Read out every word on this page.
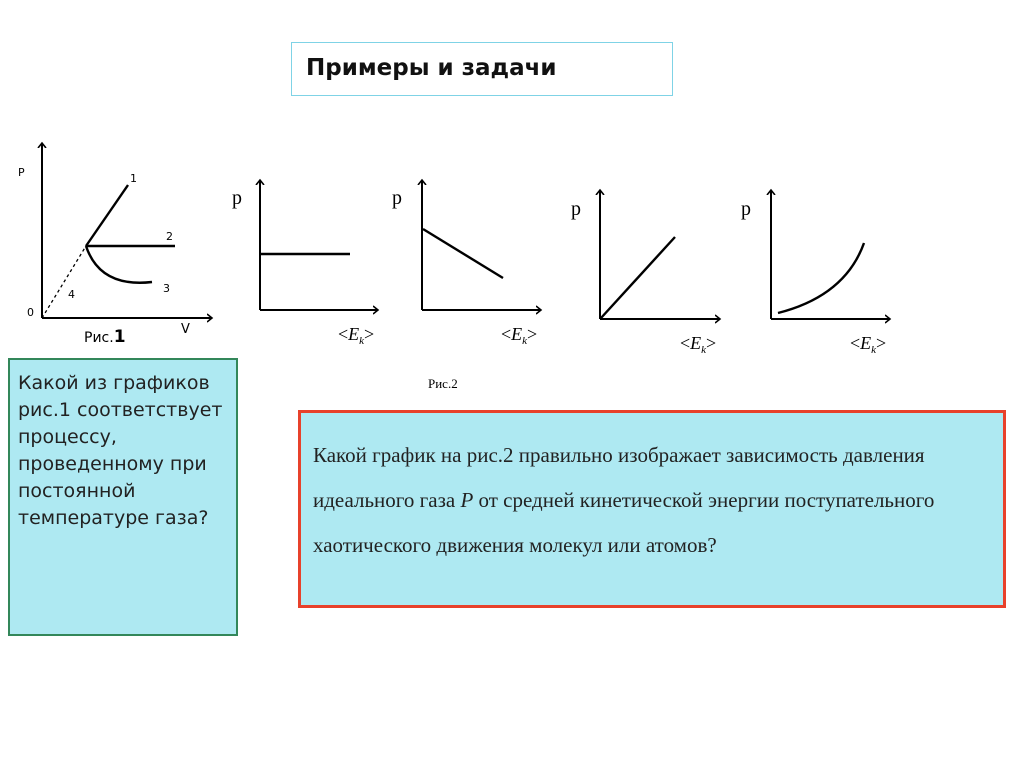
Примеры и задачи
P
V
0
1
2
3
4
Рис.1
p
$<E_k>$
p
$<E_k>$
p
$<E_k>$
p
$<E_k>$
Рис.2
Какой из графиков рис.1 соответствует процессу, проведенному при постоянной температуре газа?
Какой график на рис.2 правильно изображает зависимость давления идеального газа P от средней кинетической энергии поступательного хаотического движения молекул или атомов?
